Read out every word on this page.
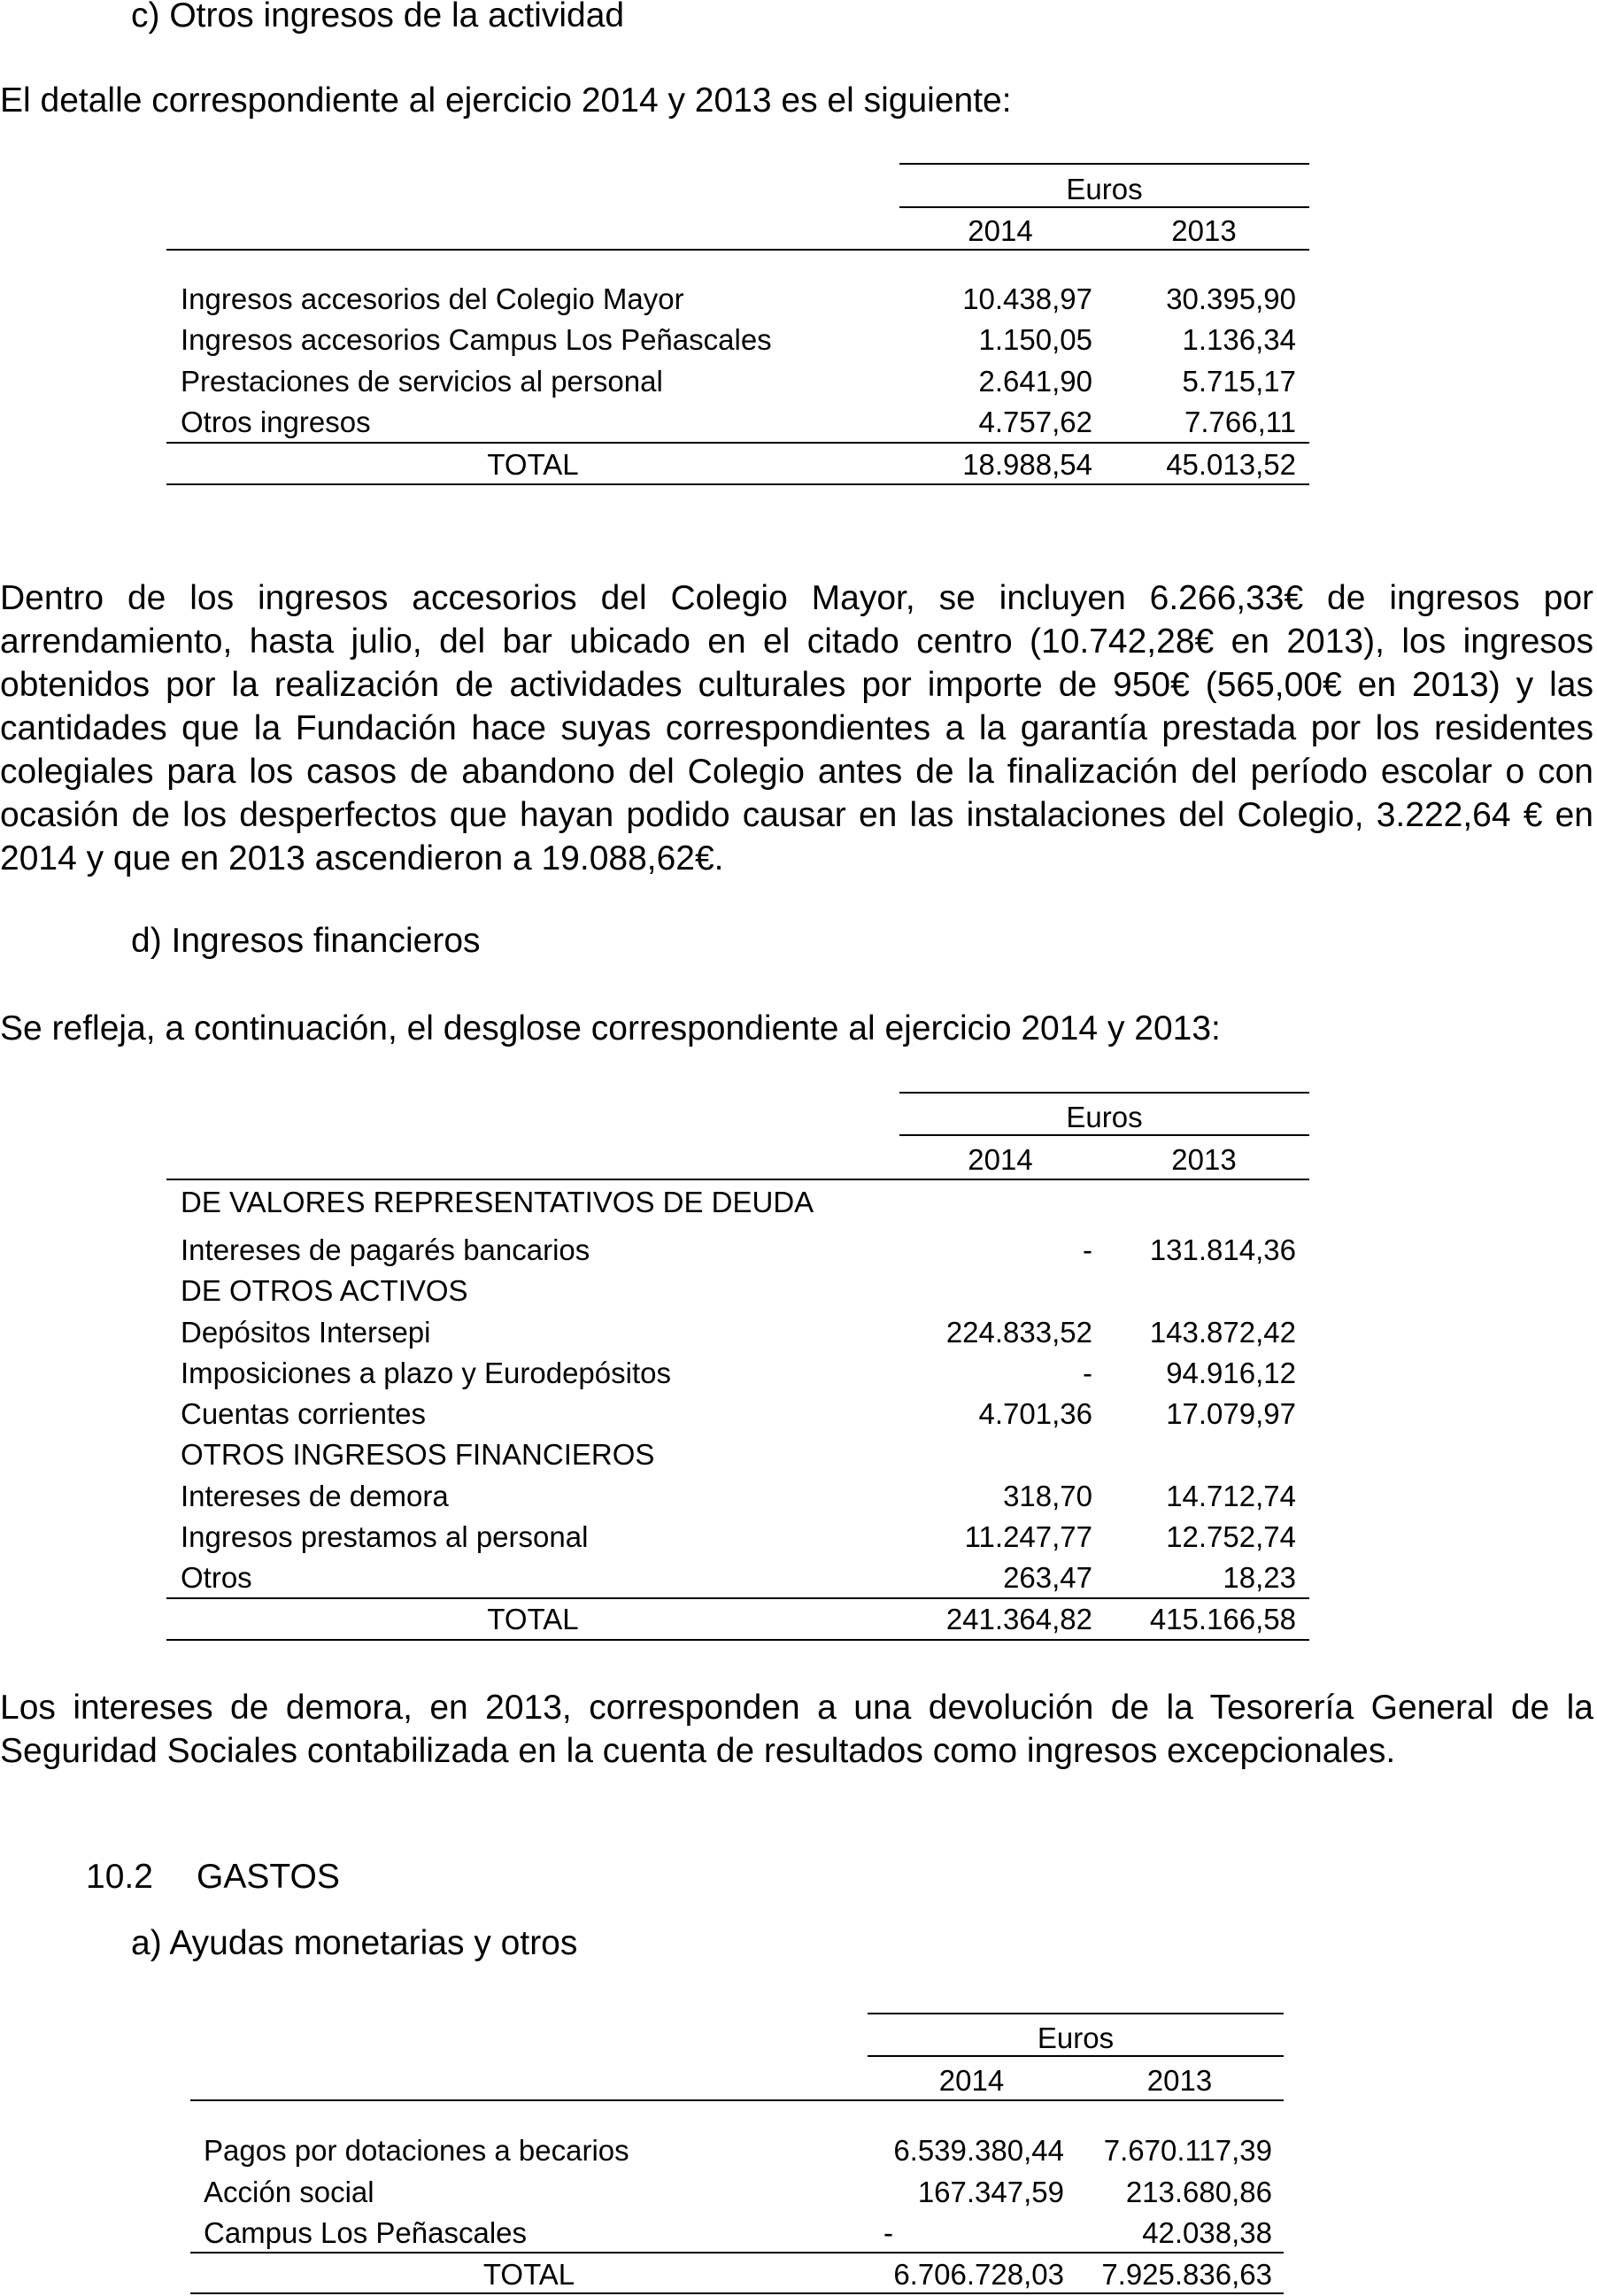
c) Otros ingresos de la actividad
El detalle correspondiente al ejercicio 2014 y 2013 es el siguiente:
Euros
2014	2013
Ingresos accesorios del Colegio Mayor	10.438,97	30.395,90
Ingresos accesorios Campus Los Peñascales	1.150,05	1.136,34
Prestaciones de servicios al personal	2.641,90	5.715,17
Otros ingresos	4.757,62	7.766,11
TOTAL	18.988,54	45.013,52
Dentro de los ingresos accesorios del Colegio Mayor, se incluyen 6.266,33€ de ingresos por arrendamiento, hasta julio, del bar ubicado en el citado centro (10.742,28€ en 2013), los ingresos obtenidos por la realización de actividades culturales por importe de 950€ (565,00€ en 2013) y las cantidades que la Fundación hace suyas correspondientes a la garantía prestada por los residentes colegiales para los casos de abandono del Colegio antes de la finalización del período escolar o con ocasión de los desperfectos que hayan podido causar en las instalaciones del Colegio, 3.222,64 € en 2014 y que en 2013 ascendieron a 19.088,62€.
d) Ingresos financieros
Se refleja, a continuación, el desglose correspondiente al ejercicio 2014 y 2013:
Euros
2014	2013
DE VALORES REPRESENTATIVOS DE DEUDA
Intereses de pagarés bancarios	-	131.814,36
DE OTROS ACTIVOS
Depósitos Intersepi	224.833,52	143.872,42
Imposiciones a plazo y Eurodepósitos	-	94.916,12
Cuentas corrientes	4.701,36	17.079,97
OTROS INGRESOS FINANCIEROS
Intereses de demora	318,70	14.712,74
Ingresos prestamos al personal	11.247,77	12.752,74
Otros	263,47	18,23
TOTAL	241.364,82	415.166,58
Los intereses de demora, en 2013, corresponden a una devolución de la Tesorería General de la Seguridad Sociales contabilizada en la cuenta de resultados como ingresos excepcionales.
10.2 GASTOS
a) Ayudas monetarias y otros
Euros
2014	2013
Pagos por dotaciones a becarios	6.539.380,44	7.670.117,39
Acción social	167.347,59	213.680,86
Campus Los Peñascales	-	42.038,38
TOTAL	6.706.728,03	7.925.836,63
